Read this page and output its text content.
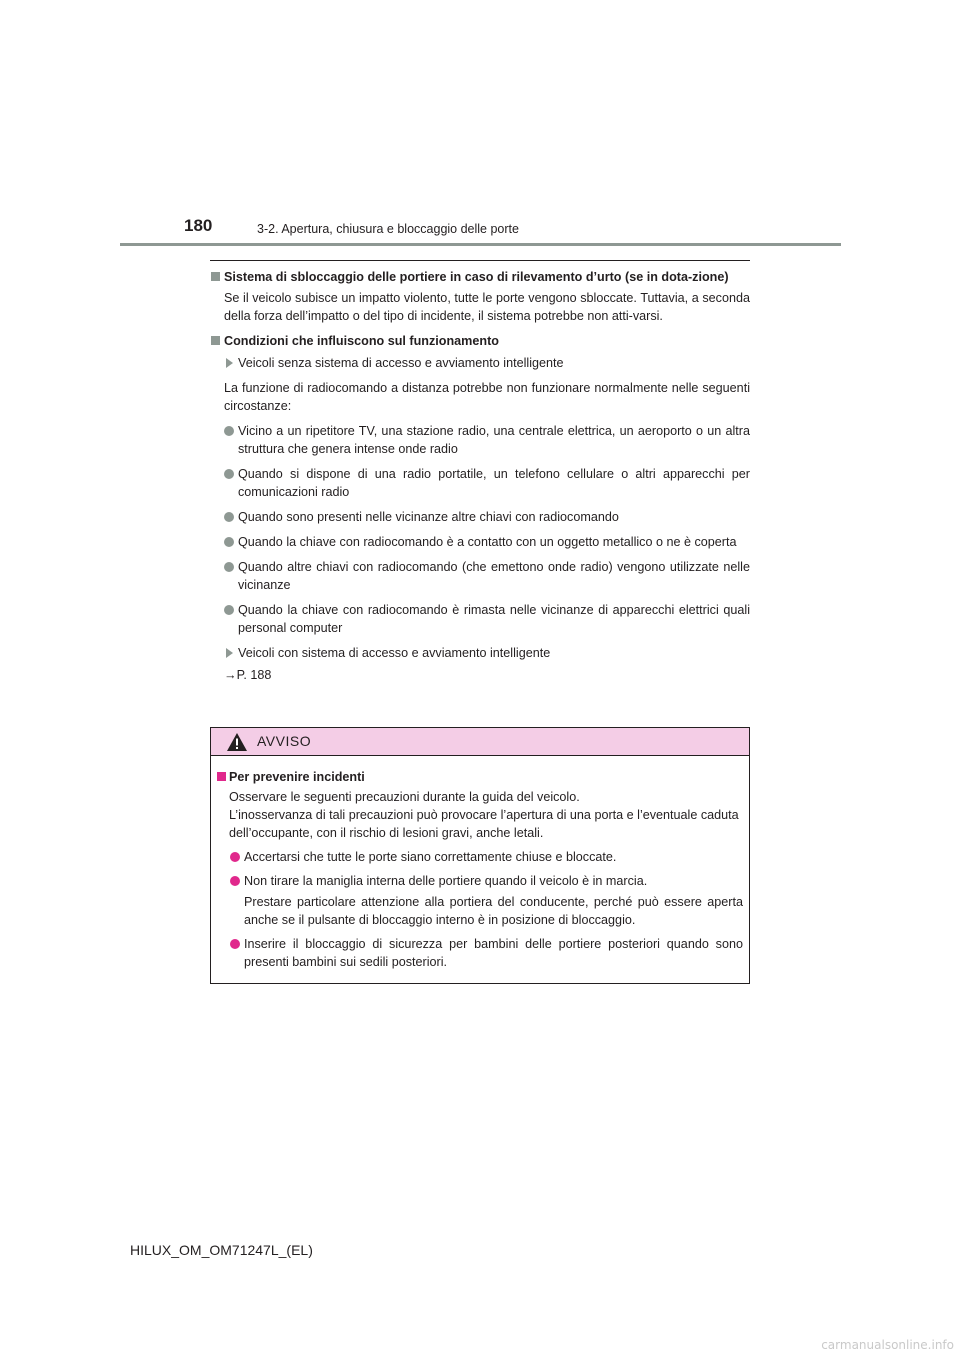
180	3-2. Apertura, chiusura e bloccaggio delle porte
Sistema di sbloccaggio delle portiere in caso di rilevamento d’urto (se in dota-zione)
Se il veicolo subisce un impatto violento, tutte le porte vengono sbloccate. Tuttavia, a seconda della forza dell’impatto o del tipo di incidente, il sistema potrebbe non atti-varsi.
Condizioni che influiscono sul funzionamento
Veicoli senza sistema di accesso e avviamento intelligente
La funzione di radiocomando a distanza potrebbe non funzionare normalmente nelle seguenti circostanze:
Vicino a un ripetitore TV, una stazione radio, una centrale elettrica, un aeroporto o un altra struttura che genera intense onde radio
Quando si dispone di una radio portatile, un telefono cellulare o altri apparecchi per comunicazioni radio
Quando sono presenti nelle vicinanze altre chiavi con radiocomando
Quando la chiave con radiocomando è a contatto con un oggetto metallico o ne è coperta
Quando altre chiavi con radiocomando (che emettono onde radio) vengono utilizzate nelle vicinanze
Quando la chiave con radiocomando è rimasta nelle vicinanze di apparecchi elettrici quali personal computer
Veicoli con sistema di accesso e avviamento intelligente
→P. 188
AVVISO
Per prevenire incidenti
Osservare le seguenti precauzioni durante la guida del veicolo.
L’inosservanza di tali precauzioni può provocare l’apertura di una porta e l’eventuale caduta dell’occupante, con il rischio di lesioni gravi, anche letali.
Accertarsi che tutte le porte siano correttamente chiuse e bloccate.
Non tirare la maniglia interna delle portiere quando il veicolo è in marcia.
Prestare particolare attenzione alla portiera del conducente, perché può essere aperta anche se il pulsante di bloccaggio interno è in posizione di bloccaggio.
Inserire il bloccaggio di sicurezza per bambini delle portiere posteriori quando sono presenti bambini sui sedili posteriori.
HILUX_OM_OM71247L_(EL)
carmanualsonline.info
